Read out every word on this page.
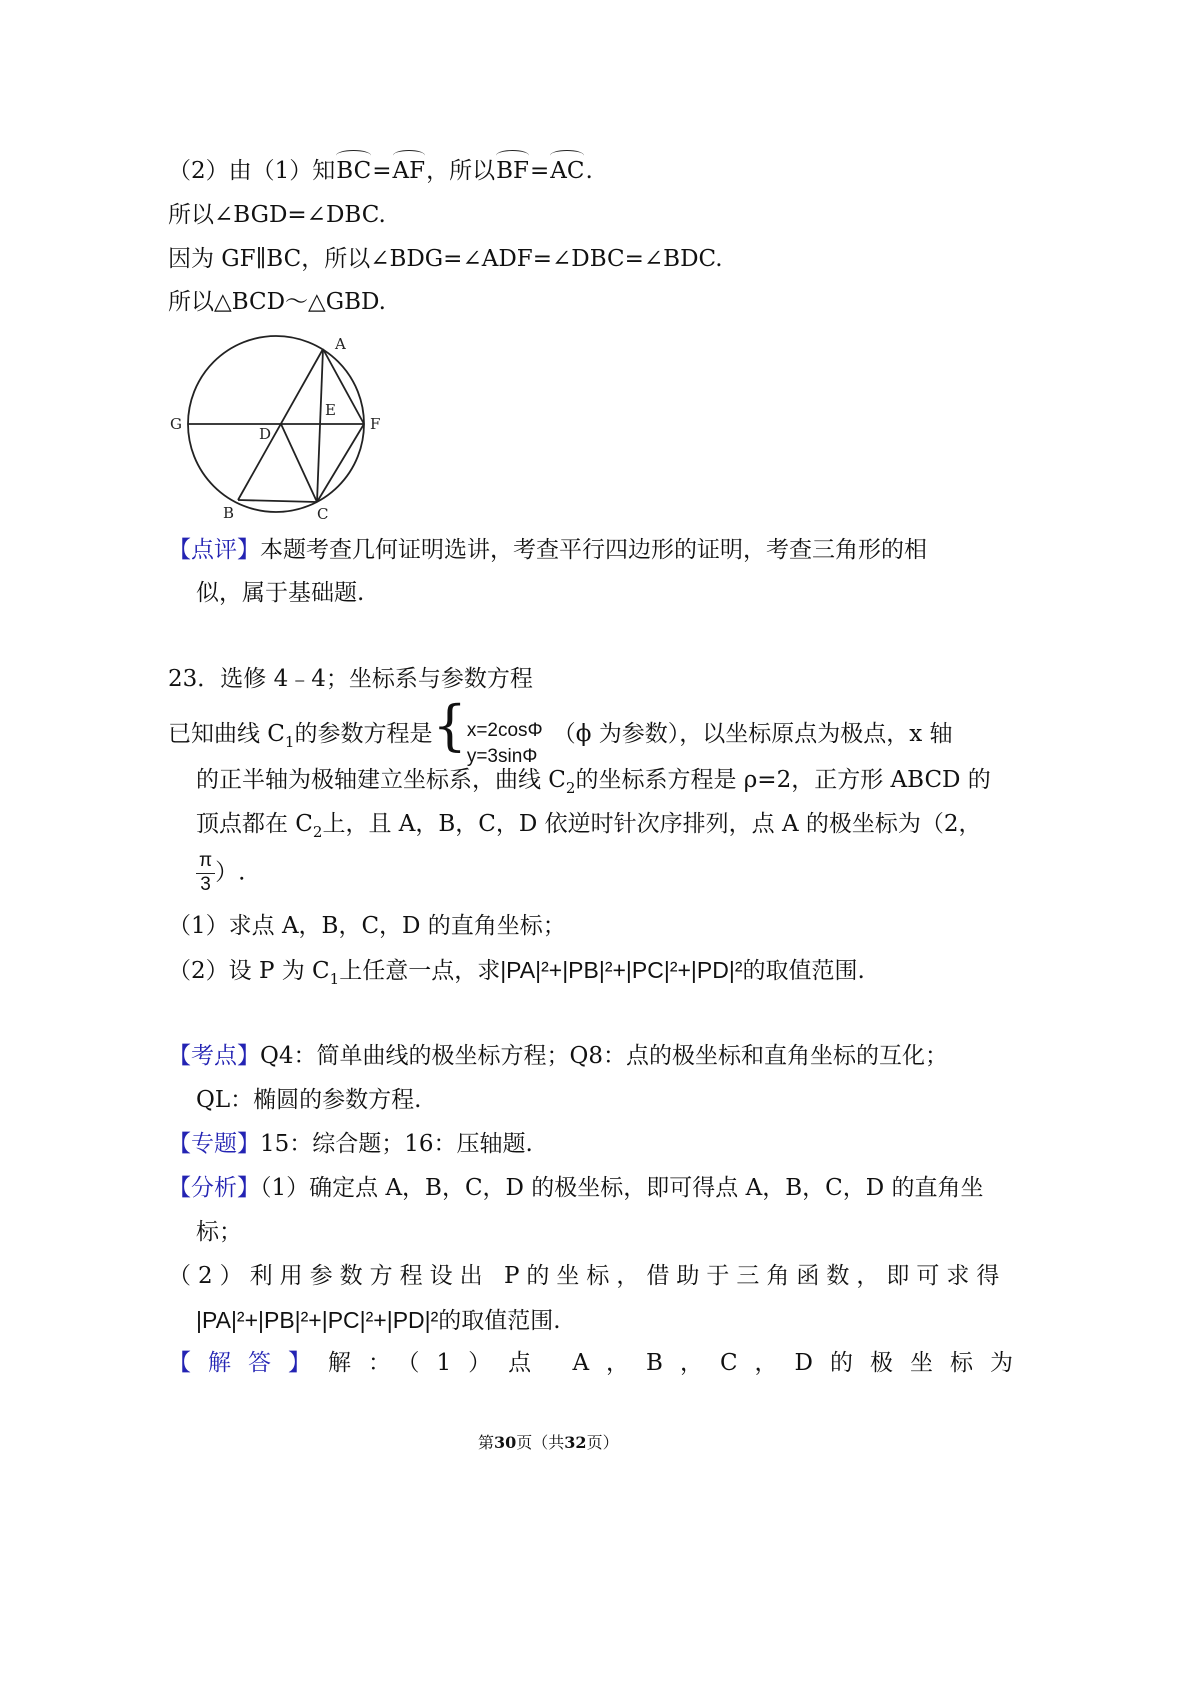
（2）由（1）知BC=AF，所以BF=AC.
所以∠BGD=∠DBC.
因为 GF∥BC，所以∠BDG=∠ADF=∠DBC=∠BDC.
所以△BCD～△GBD.
A
B	C
D
E
F
G
【点评】本题考查几何证明选讲，考查平行四边形的证明，考查三角形的相
似，属于基础题.
23．选修 4﹣4；坐标系与参数方程
已知曲线 $C_1$的参数方程是{ x=2cosΦ
y=3sinΦ
（ϕ 为参数），以坐标原点为极点，x 轴
的正半轴为极轴建立坐标系，曲线 $C_2$的坐标系方程是 ρ=2，正方形 ABCD 的
顶点都在 $C_2$上，且 A，B，C，D 依逆时针次序排列，点 A 的极坐标为（2，
$\frac{\pi}{3}$ ）.
（1）求点 A，B，C，D 的直角坐标；
（2）设 P 为 $C_1$上任意一点，求|PA|²+|PB|²+|PC|²+|PD|²的取值范围.
【考点】Q4：简单曲线的极坐标方程；Q8：点的极坐标和直角坐标的互化；
QL：椭圆的参数方程.
【专题】15：综合题；16：压轴题.
【分析】（1）确定点 A，B，C，D 的极坐标，即可得点 A，B，C，D 的直角坐
标；
（2）利用参数方程设出 P的坐标，借助于三角函数，即可求得
|PA|²+|PB|²+|PC|²+|PD|²的取值范围.
【解答】解：（1）点 A，B，C，D的极坐标为
第30页（共32页）
